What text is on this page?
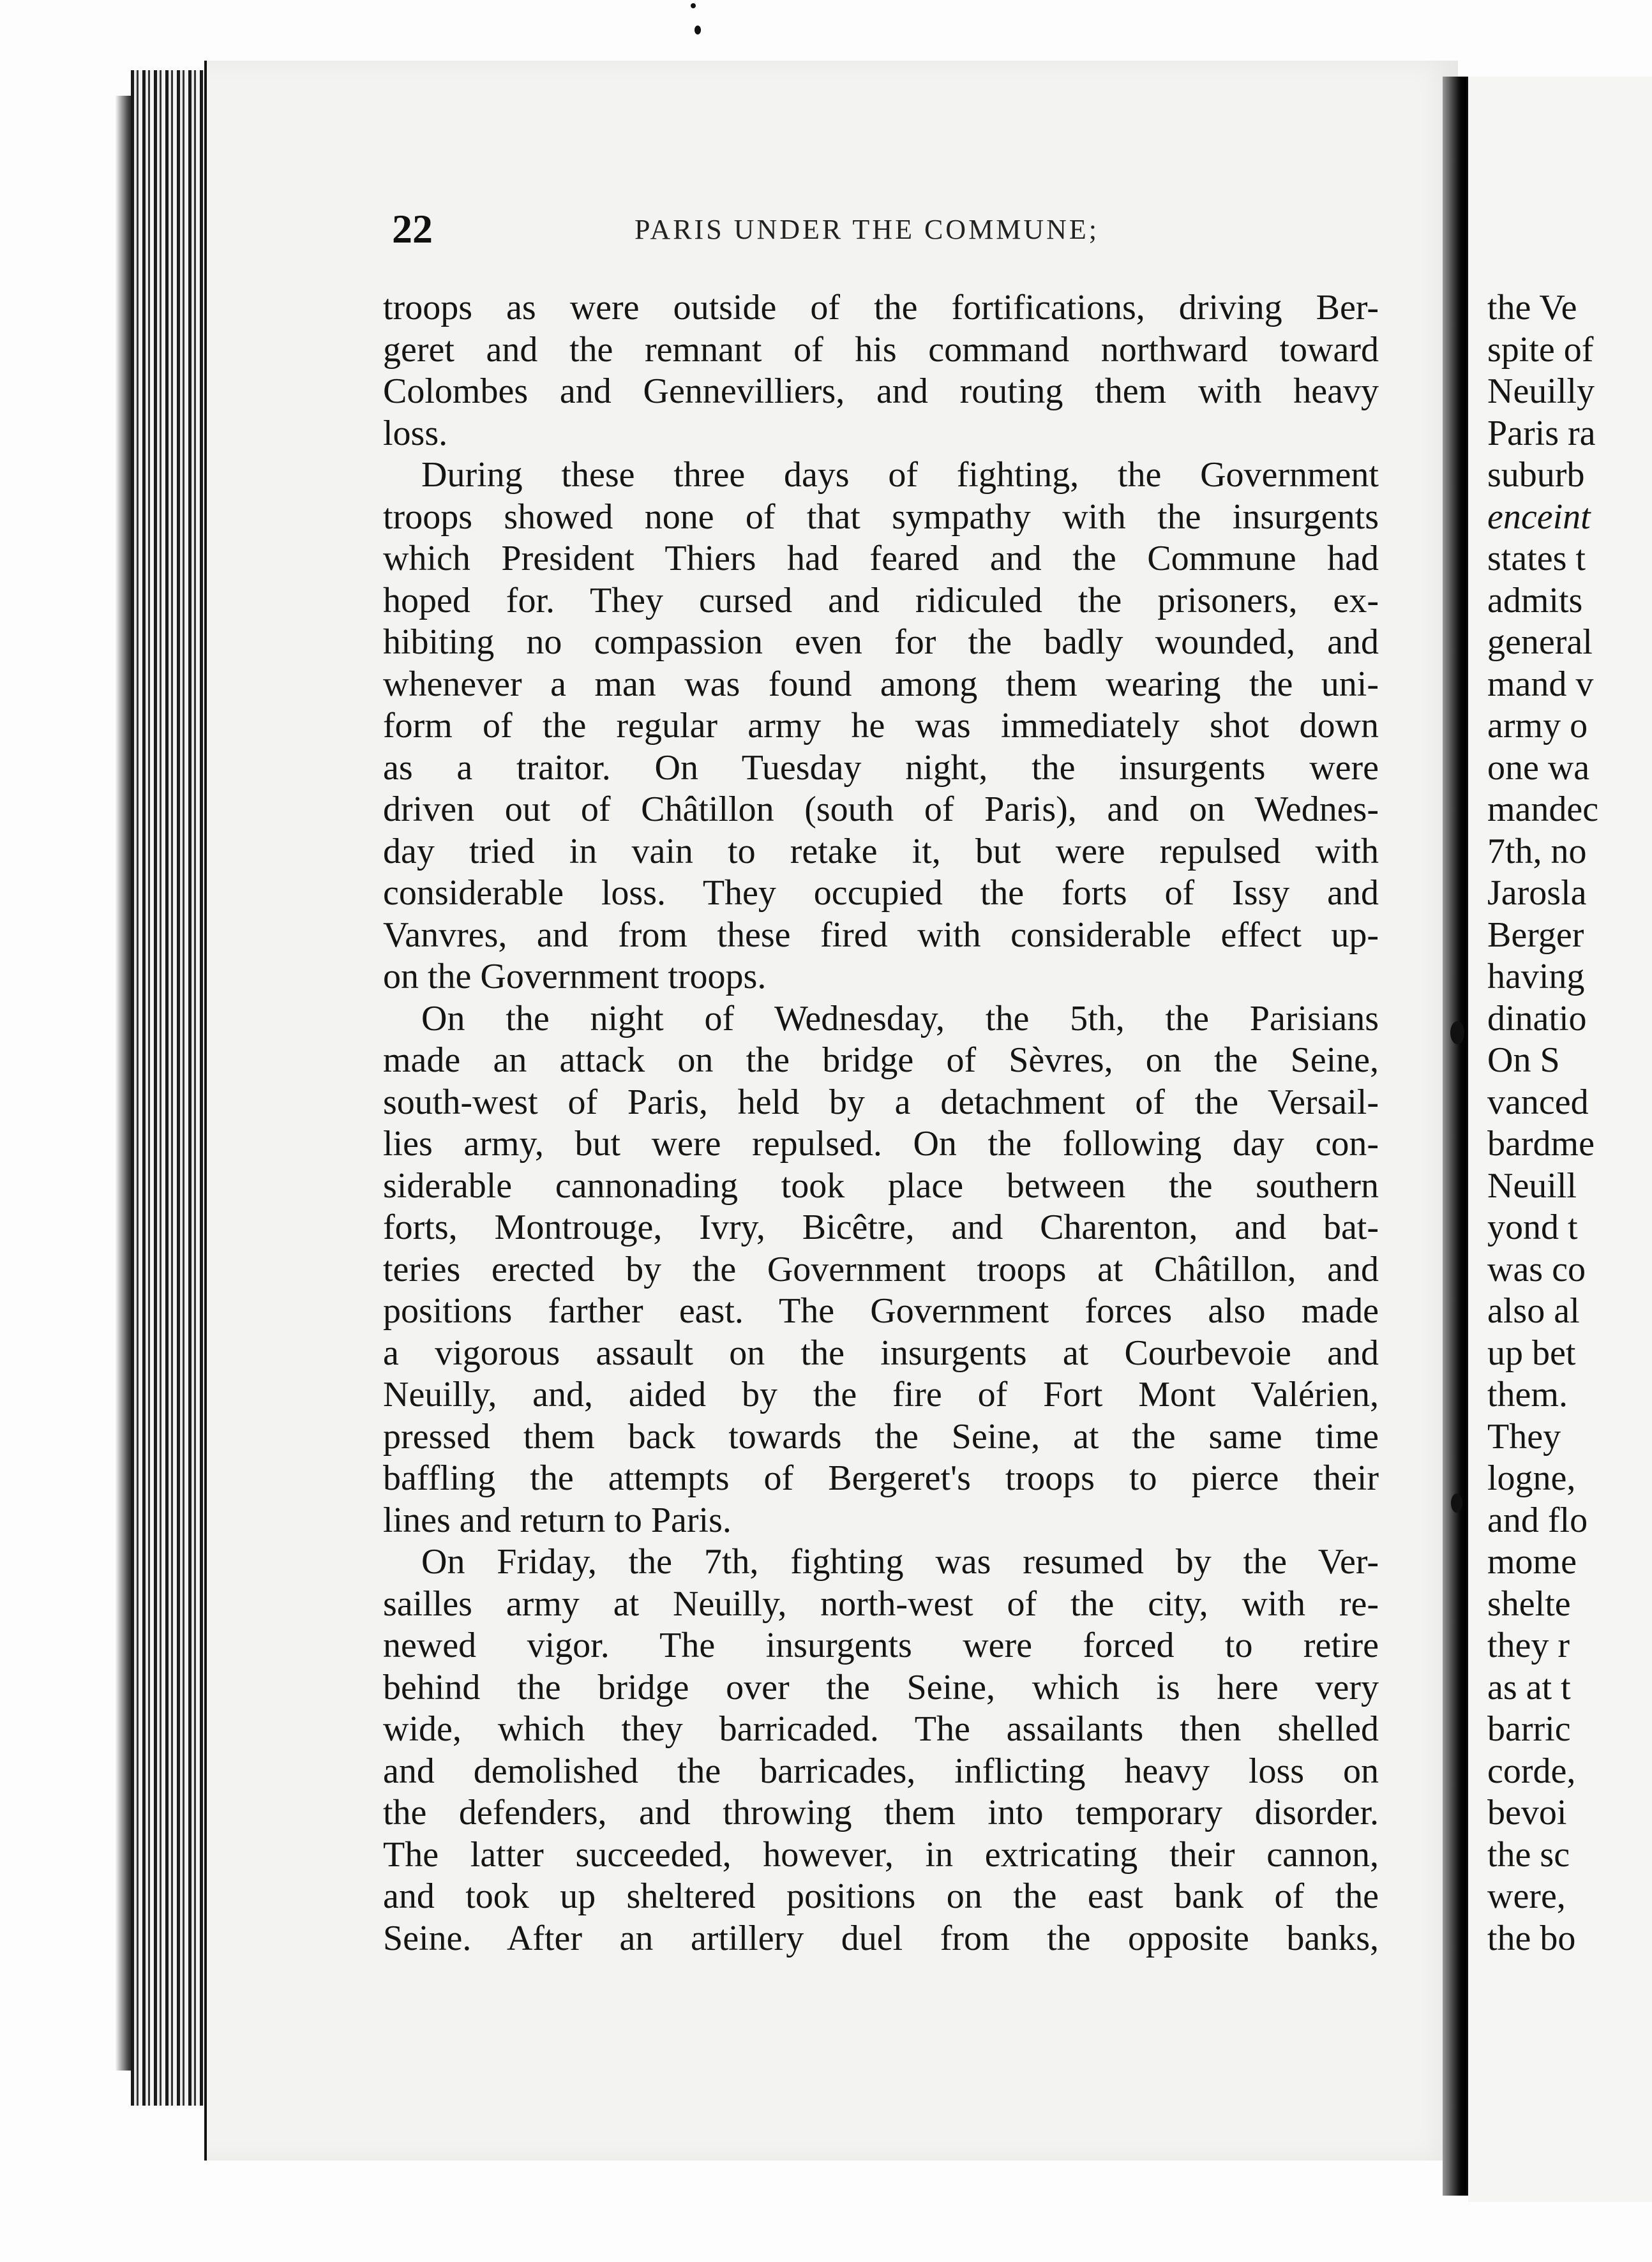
22	PARIS UNDER THE COMMUNE;
troops as were outside of the fortifications, driving Ber-
geret and the remnant of his command northward toward
Colombes and Gennevilliers, and routing them with heavy
loss.
During these three days of fighting, the Government
troops showed none of that sympathy with the insurgents
which President Thiers had feared and the Commune had
hoped for. They cursed and ridiculed the prisoners, ex-
hibiting no compassion even for the badly wounded, and
whenever a man was found among them wearing the uni-
form of the regular army he was immediately shot down
as a traitor. On Tuesday night, the insurgents were
driven out of Châtillon (south of Paris), and on Wednes-
day tried in vain to retake it, but were repulsed with
considerable loss. They occupied the forts of Issy and
Vanvres, and from these fired with considerable effect up-
on the Government troops.
On the night of Wednesday, the 5th, the Parisians
made an attack on the bridge of Sèvres, on the Seine,
south-west of Paris, held by a detachment of the Versail-
lies army, but were repulsed. On the following day con-
siderable cannonading took place between the southern
forts, Montrouge, Ivry, Bicêtre, and Charenton, and bat-
teries erected by the Government troops at Châtillon, and
positions farther east. The Government forces also made
a vigorous assault on the insurgents at Courbevoie and
Neuilly, and, aided by the fire of Fort Mont Valérien,
pressed them back towards the Seine, at the same time
baffling the attempts of Bergeret's troops to pierce their
lines and return to Paris.
On Friday, the 7th, fighting was resumed by the Ver-
sailles army at Neuilly, north-west of the city, with re-
newed vigor. The insurgents were forced to retire
behind the bridge over the Seine, which is here very
wide, which they barricaded. The assailants then shelled
and demolished the barricades, inflicting heavy loss on
the defenders, and throwing them into temporary disorder.
The latter succeeded, however, in extricating their cannon,
and took up sheltered positions on the east bank of the
Seine. After an artillery duel from the opposite banks,
the Ve
spite of
Neuilly
Paris ra
suburb
enceint
states t
admits
general
mand v
army o
one wa
mandec
7th, no
Jarosla
Berger
having
dinatio
On S
vanced
bardme
Neuill
yond t
was co
also al
up bet
them.
They
logne,
and flo
mome
shelte
they r
as at t
barric
corde,
bevoi
the sc
were,
the bo
